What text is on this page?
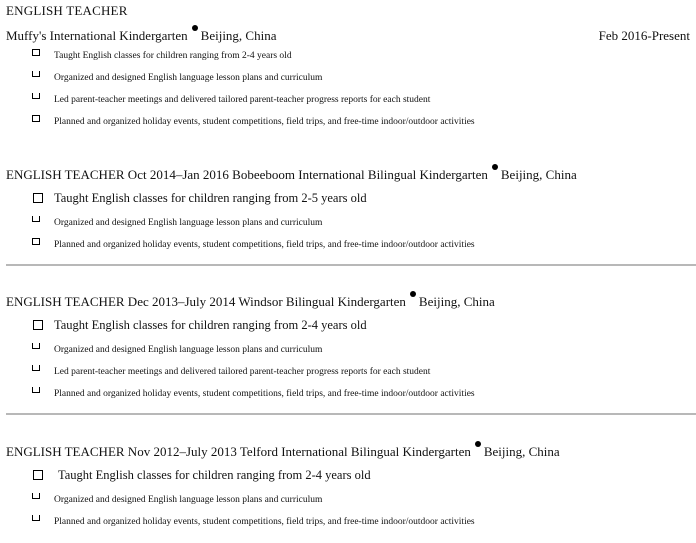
ENGLISH TEACHER
Muffy's International Kindergarten Beijing, China	Feb 2016-Present
Taught English classes for children ranging from 2-4 years old
Organized and designed English language lesson plans and curriculum
Led parent-teacher meetings and delivered tailored parent-teacher progress reports for each student
Planned and organized holiday events, student competitions, field trips, and free-time indoor/outdoor activities
ENGLISH TEACHER Oct 2014–Jan 2016 Bobeeboom International Bilingual Kindergarten Beijing, China
Taught English classes for children ranging from 2-5 years old
Organized and designed English language lesson plans and curriculum
Planned and organized holiday events, student competitions, field trips, and free-time indoor/outdoor activities
ENGLISH TEACHER Dec 2013–July 2014 Windsor Bilingual Kindergarten Beijing, China
Taught English classes for children ranging from 2-4 years old
Organized and designed English language lesson plans and curriculum
Led parent-teacher meetings and delivered tailored parent-teacher progress reports for each student
Planned and organized holiday events, student competitions, field trips, and free-time indoor/outdoor activities
ENGLISH TEACHER Nov 2012–July 2013 Telford International Bilingual Kindergarten Beijing, China
Taught English classes for children ranging from 2-4 years old
Organized and designed English language lesson plans and curriculum
Planned and organized holiday events, student competitions, field trips, and free-time indoor/outdoor activities
